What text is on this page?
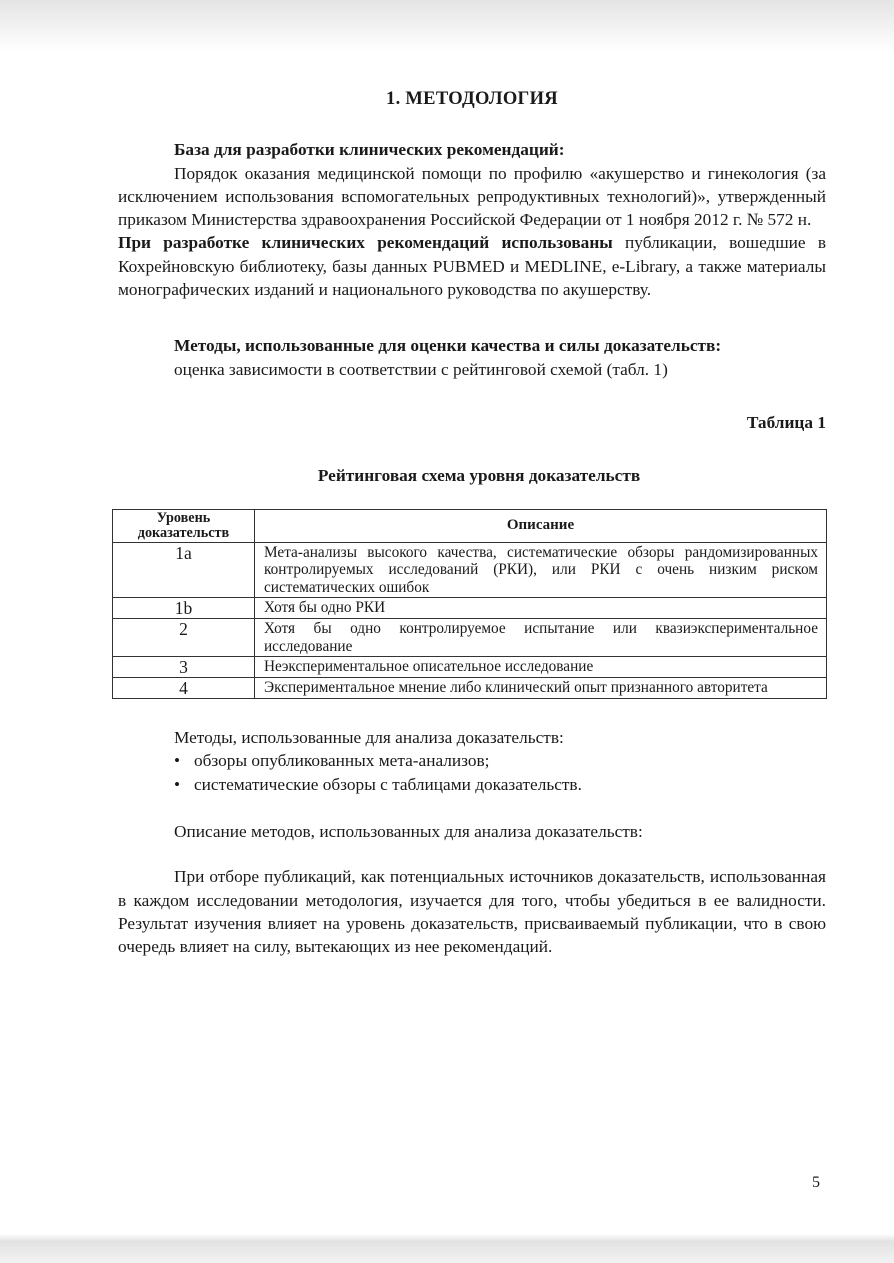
1. МЕТОДОЛОГИЯ

База для разработки клинических рекомендаций:

Порядок оказания медицинской помощи по профилю «акушерство и гинекология (за исключением использования вспомогательных репродуктивных технологий)», утвержденный приказом Министерства здравоохранения Российской Федерации от 1 ноября 2012 г. № 572 н.

При разработке клинических рекомендаций использованы публикации, вошедшие в Кохрейновскую библиотеку, базы данных PUBMED и MEDLINE, e-Library, а также материалы монографических изданий и национального руководства по акушерству.

Методы, использованные для оценки качества и силы доказательств:

оценка зависимости в соответствии с рейтинговой схемой (табл. 1)

Таблица 1
Рейтинговая схема уровня доказательств
Уровень доказательств	Описание
1a	Мета-анализы высокого качества, систематические обзоры рандомизированных контролируемых исследований (РКИ), или РКИ с очень низким риском систематических ошибок
1b	Хотя бы одно РКИ
2	Хотя бы одно контролируемое испытание или квазиэкспериментальное исследование
3	Неэкспериментальное описательное исследование
4	Экспериментальное мнение либо клинический опыт признанного авторитета

Методы, использованные для анализа доказательств:

• обзоры опубликованных мета-анализов;
• систематические обзоры с таблицами доказательств.

Описание методов, использованных для анализа доказательств:

При отборе публикаций, как потенциальных источников доказательств, использованная в каждом исследовании методология, изучается для того, чтобы убедиться в ее валидности. Результат изучения влияет на уровень доказательств, присваиваемый публикации, что в свою очередь влияет на силу, вытекающих из нее рекомендаций.

5
